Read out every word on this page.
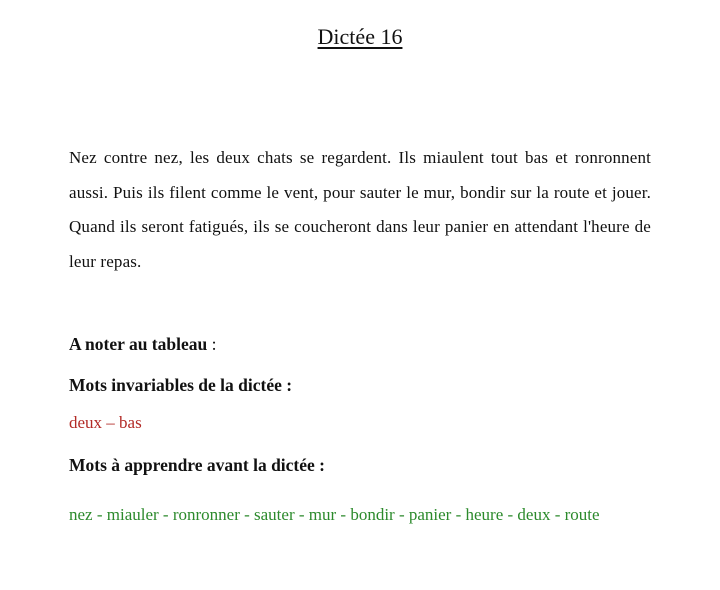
Dictée 16

Nez contre nez, les deux chats se regardent. Ils miaulent tout bas et ronronnent aussi. Puis ils filent comme le vent, pour sauter le mur, bondir sur la route et jouer. Quand ils seront fatigués, ils se coucheront dans leur panier en attendant l'heure de leur repas.

A noter au tableau :

Mots invariables de la dictée :

deux – bas

Mots à apprendre avant la dictée :

nez - miauler - ronronner - sauter - mur - bondir - panier - heure - deux - route
